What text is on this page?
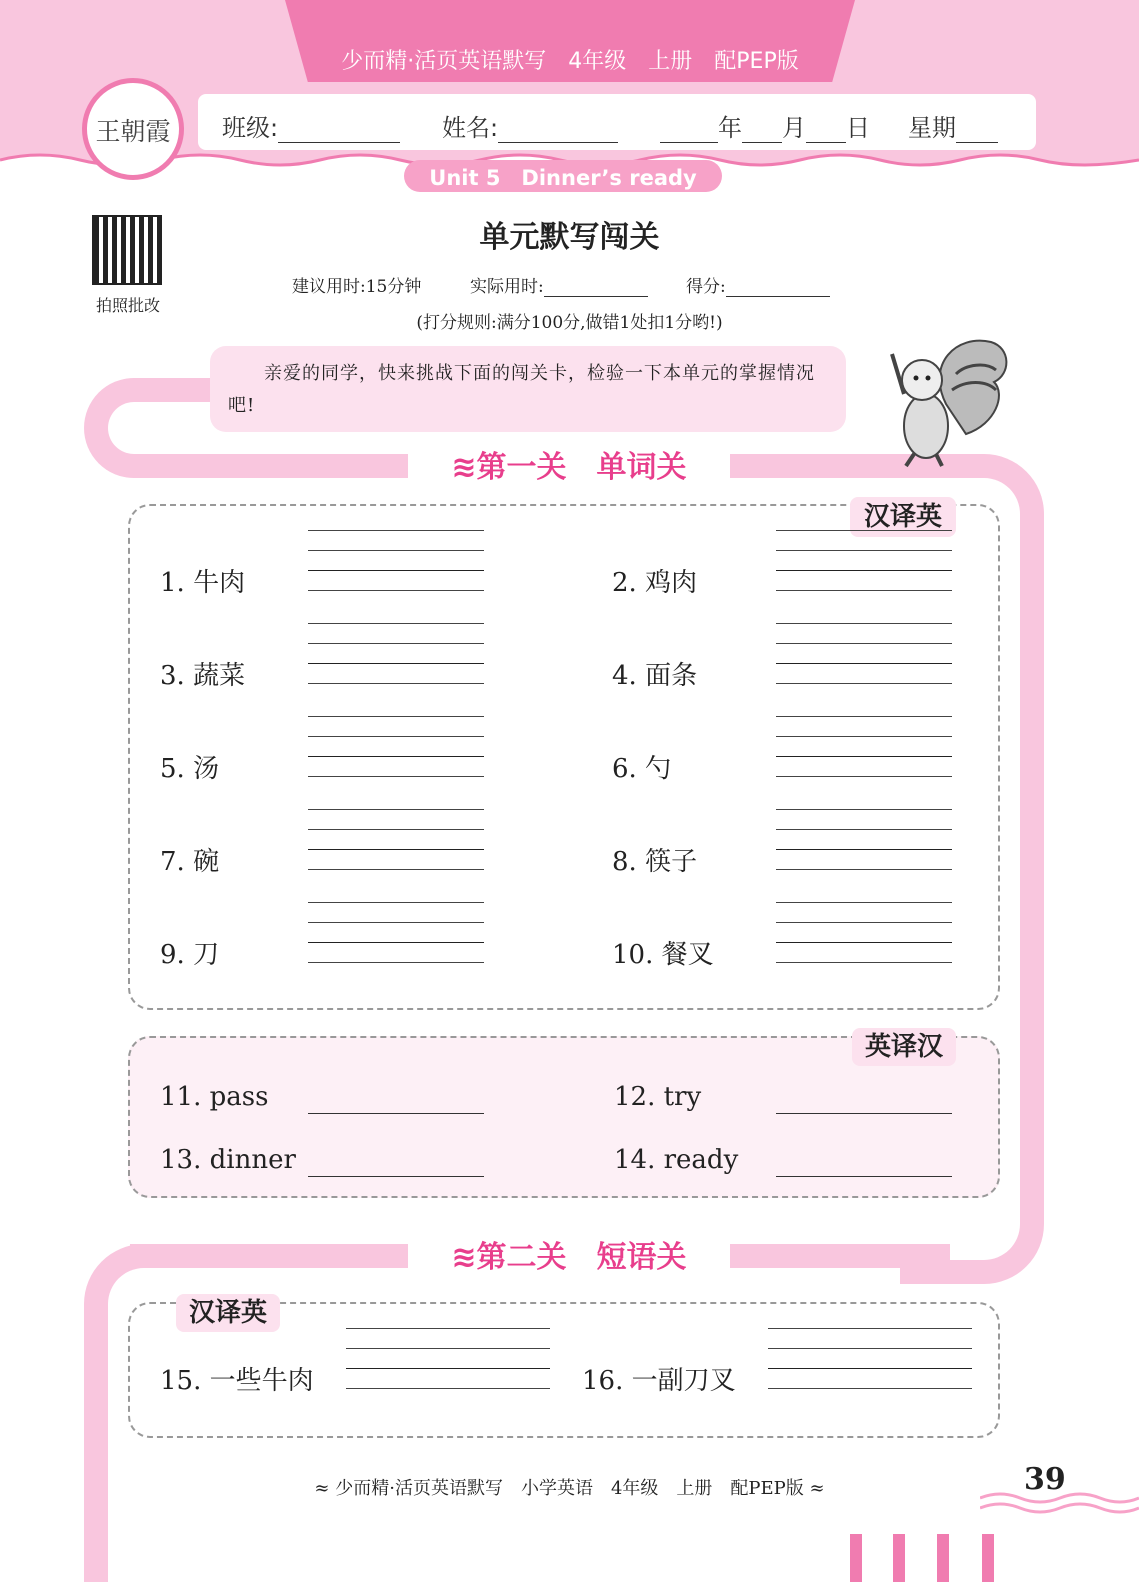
少而精·活页英语默写　4年级　上册　配PEP版
王朝霞	班级:	姓名:	年 月 日 星期
Unit 5　Dinner’s ready
拍照批改
单元默写闯关
建议用时:15分钟	实际用时:	得分:
(打分规则:满分100分,做错1处扣1分哟!)
亲爱的同学，快来挑战下面的闯关卡，检验一下本单元的掌握情况吧!
≋第一关　单词关
汉译英
1. 牛肉	2. 鸡肉
3. 蔬菜	4. 面条
5. 汤	6. 勺
7. 碗	8. 筷子
9. 刀	10. 餐叉
英译汉
11. pass	12. try
13. dinner	14. ready
≋第二关　短语关
汉译英
15. 一些牛肉	16. 一副刀叉
≈ 少而精·活页英语默写　小学英语　4年级　上册　配PEP版 ≈	39
